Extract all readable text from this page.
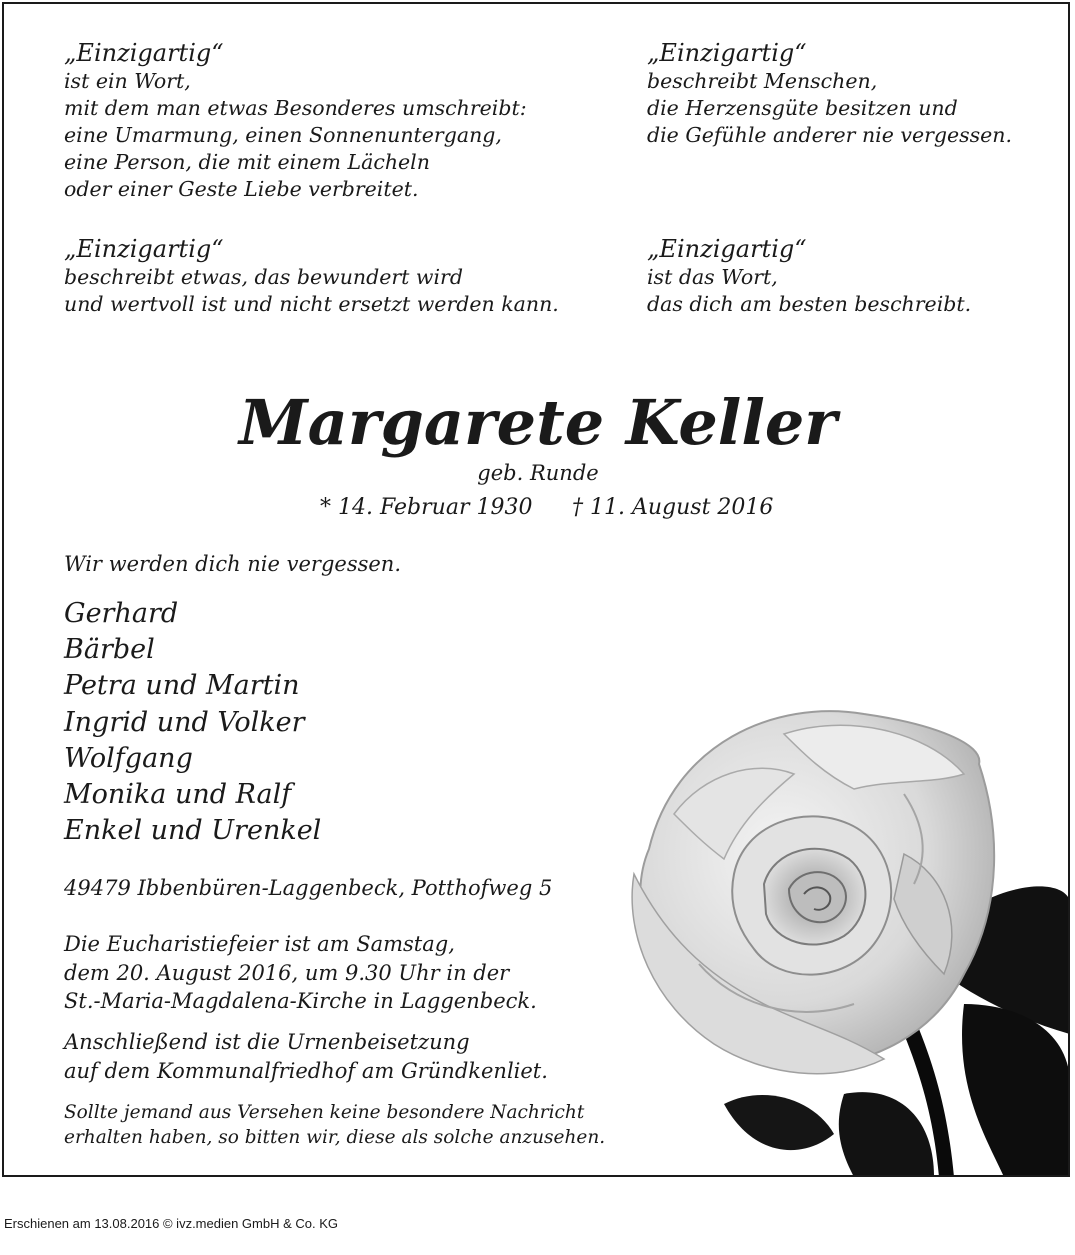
„Einzigartig“
ist ein Wort,
mit dem man etwas Besonderes umschreibt:
eine Umarmung, einen Sonnenuntergang,
eine Person, die mit einem Lächeln
oder einer Geste Liebe verbreitet.
„Einzigartig“
beschreibt Menschen,
die Herzensgüte besitzen und
die Gefühle anderer nie vergessen.
„Einzigartig“
beschreibt etwas, das bewundert wird
und wertvoll ist und nicht ersetzt werden kann.
„Einzigartig“
ist das Wort,
das dich am besten beschreibt.
Margarete Keller
geb. Runde
* 14. Februar 1930 † 11. August 2016
Wir werden dich nie vergessen.
Gerhard
Bärbel
Petra und Martin
Ingrid und Volker
Wolfgang
Monika und Ralf
Enkel und Urenkel
49479 Ibbenbüren-Laggenbeck, Potthofweg 5
Die Eucharistiefeier ist am Samstag,
dem 20. August 2016, um 9.30 Uhr in der
St.-Maria-Magdalena-Kirche in Laggenbeck.
Anschließend ist die Urnenbeisetzung
auf dem Kommunalfriedhof am Gründkenliet.
Sollte jemand aus Versehen keine besondere Nachricht
erhalten haben, so bitten wir, diese als solche anzusehen.
Erschienen am 13.08.2016 © ivz.medien GmbH & Co. KG
